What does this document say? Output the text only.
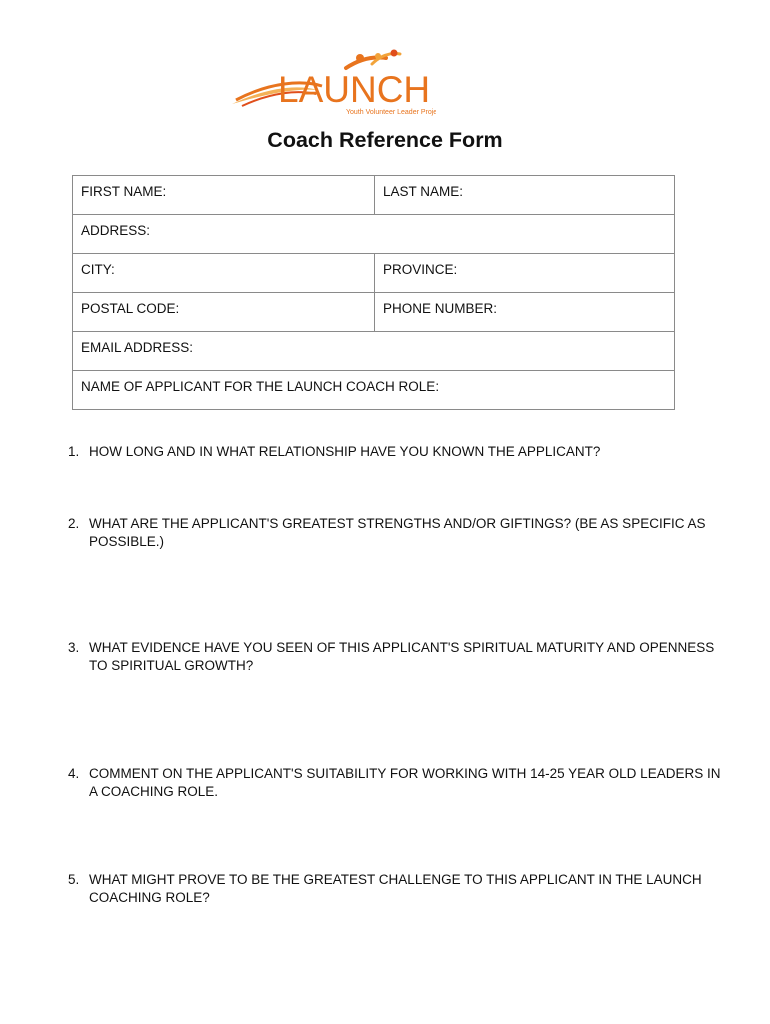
LAUNCH
Youth Volunteer Leader Project
Coach Reference Form
FIRST NAME:	LAST NAME:
ADDRESS:
CITY:	PROVINCE:
POSTAL CODE:	PHONE NUMBER:
EMAIL ADDRESS:
NAME OF APPLICANT FOR THE LAUNCH COACH ROLE:
1. HOW LONG AND IN WHAT RELATIONSHIP HAVE YOU KNOWN THE APPLICANT?
2. WHAT ARE THE APPLICANT'S GREATEST STRENGTHS AND/OR GIFTINGS? (BE AS SPECIFIC AS POSSIBLE.)
3. WHAT EVIDENCE HAVE YOU SEEN OF THIS APPLICANT'S SPIRITUAL MATURITY AND OPENNESS TO SPIRITUAL GROWTH?
4. COMMENT ON THE APPLICANT'S SUITABILITY FOR WORKING WITH 14-25 YEAR OLD LEADERS IN A COACHING ROLE.
5. WHAT MIGHT PROVE TO BE THE GREATEST CHALLENGE TO THIS APPLICANT IN THE LAUNCH COACHING ROLE?
